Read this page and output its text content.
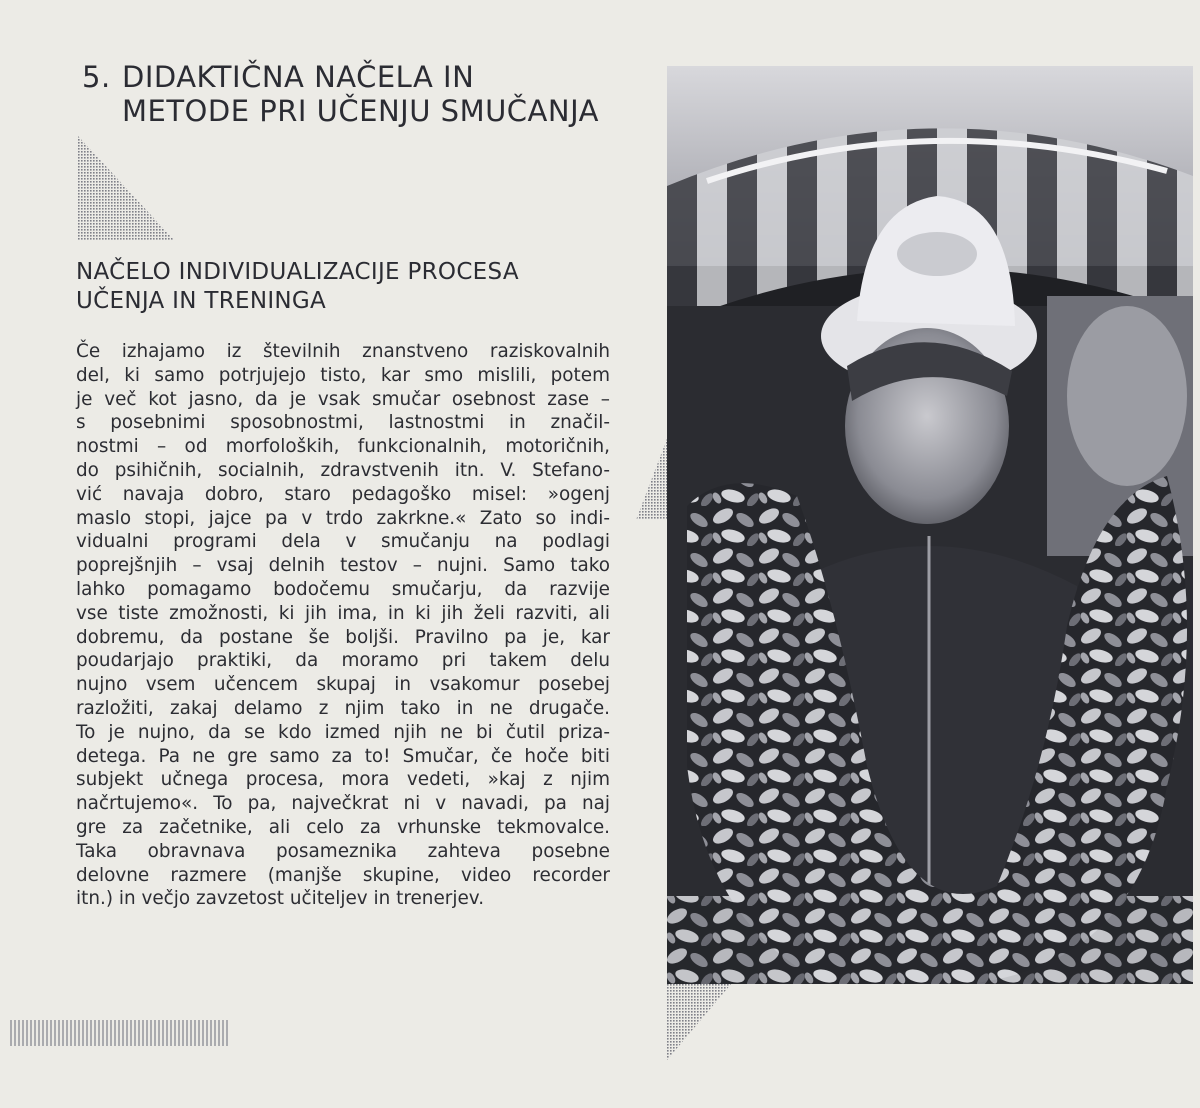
5. DIDAKTIČNA NAČELA IN
METODE PRI UČENJU SMUČANJA
NAČELO INDIVIDUALIZACIJE PROCESA
UČENJA IN TRENINGA
Če izhajamo iz številnih znanstveno raziskovalnih
del, ki samo potrjujejo tisto, kar smo mislili, potem
je več kot jasno, da je vsak smučar osebnost zase –
s posebnimi sposobnostmi, lastnostmi in značil-
nostmi – od morfoloških, funkcionalnih, motoričnih,
do psihičnih, socialnih, zdravstvenih itn. V. Stefano-
vić navaja dobro, staro pedagoško misel: »ogenj
maslo stopi, jajce pa v trdo zakrkne.« Zato so indi-
vidualni programi dela v smučanju na podlagi
poprejšnjih – vsaj delnih testov – nujni. Samo tako
lahko pomagamo bodočemu smučarju, da razvije
vse tiste zmožnosti, ki jih ima, in ki jih želi razviti, ali
dobremu, da postane še boljši. Pravilno pa je, kar
poudarjajo praktiki, da moramo pri takem delu
nujno vsem učencem skupaj in vsakomur posebej
razložiti, zakaj delamo z njim tako in ne drugače.
To je nujno, da se kdo izmed njih ne bi čutil priza-
detega. Pa ne gre samo za to! Smučar, če hoče biti
subjekt učnega procesa, mora vedeti, »kaj z njim
načrtujemo«. To pa, največkrat ni v navadi, pa naj
gre za začetnike, ali celo za vrhunske tekmovalce.
Taka obravnava posameznika zahteva posebne
delovne razmere (manjše skupine, video recorder
itn.) in večjo zavzetost učiteljev in trenerjev.
